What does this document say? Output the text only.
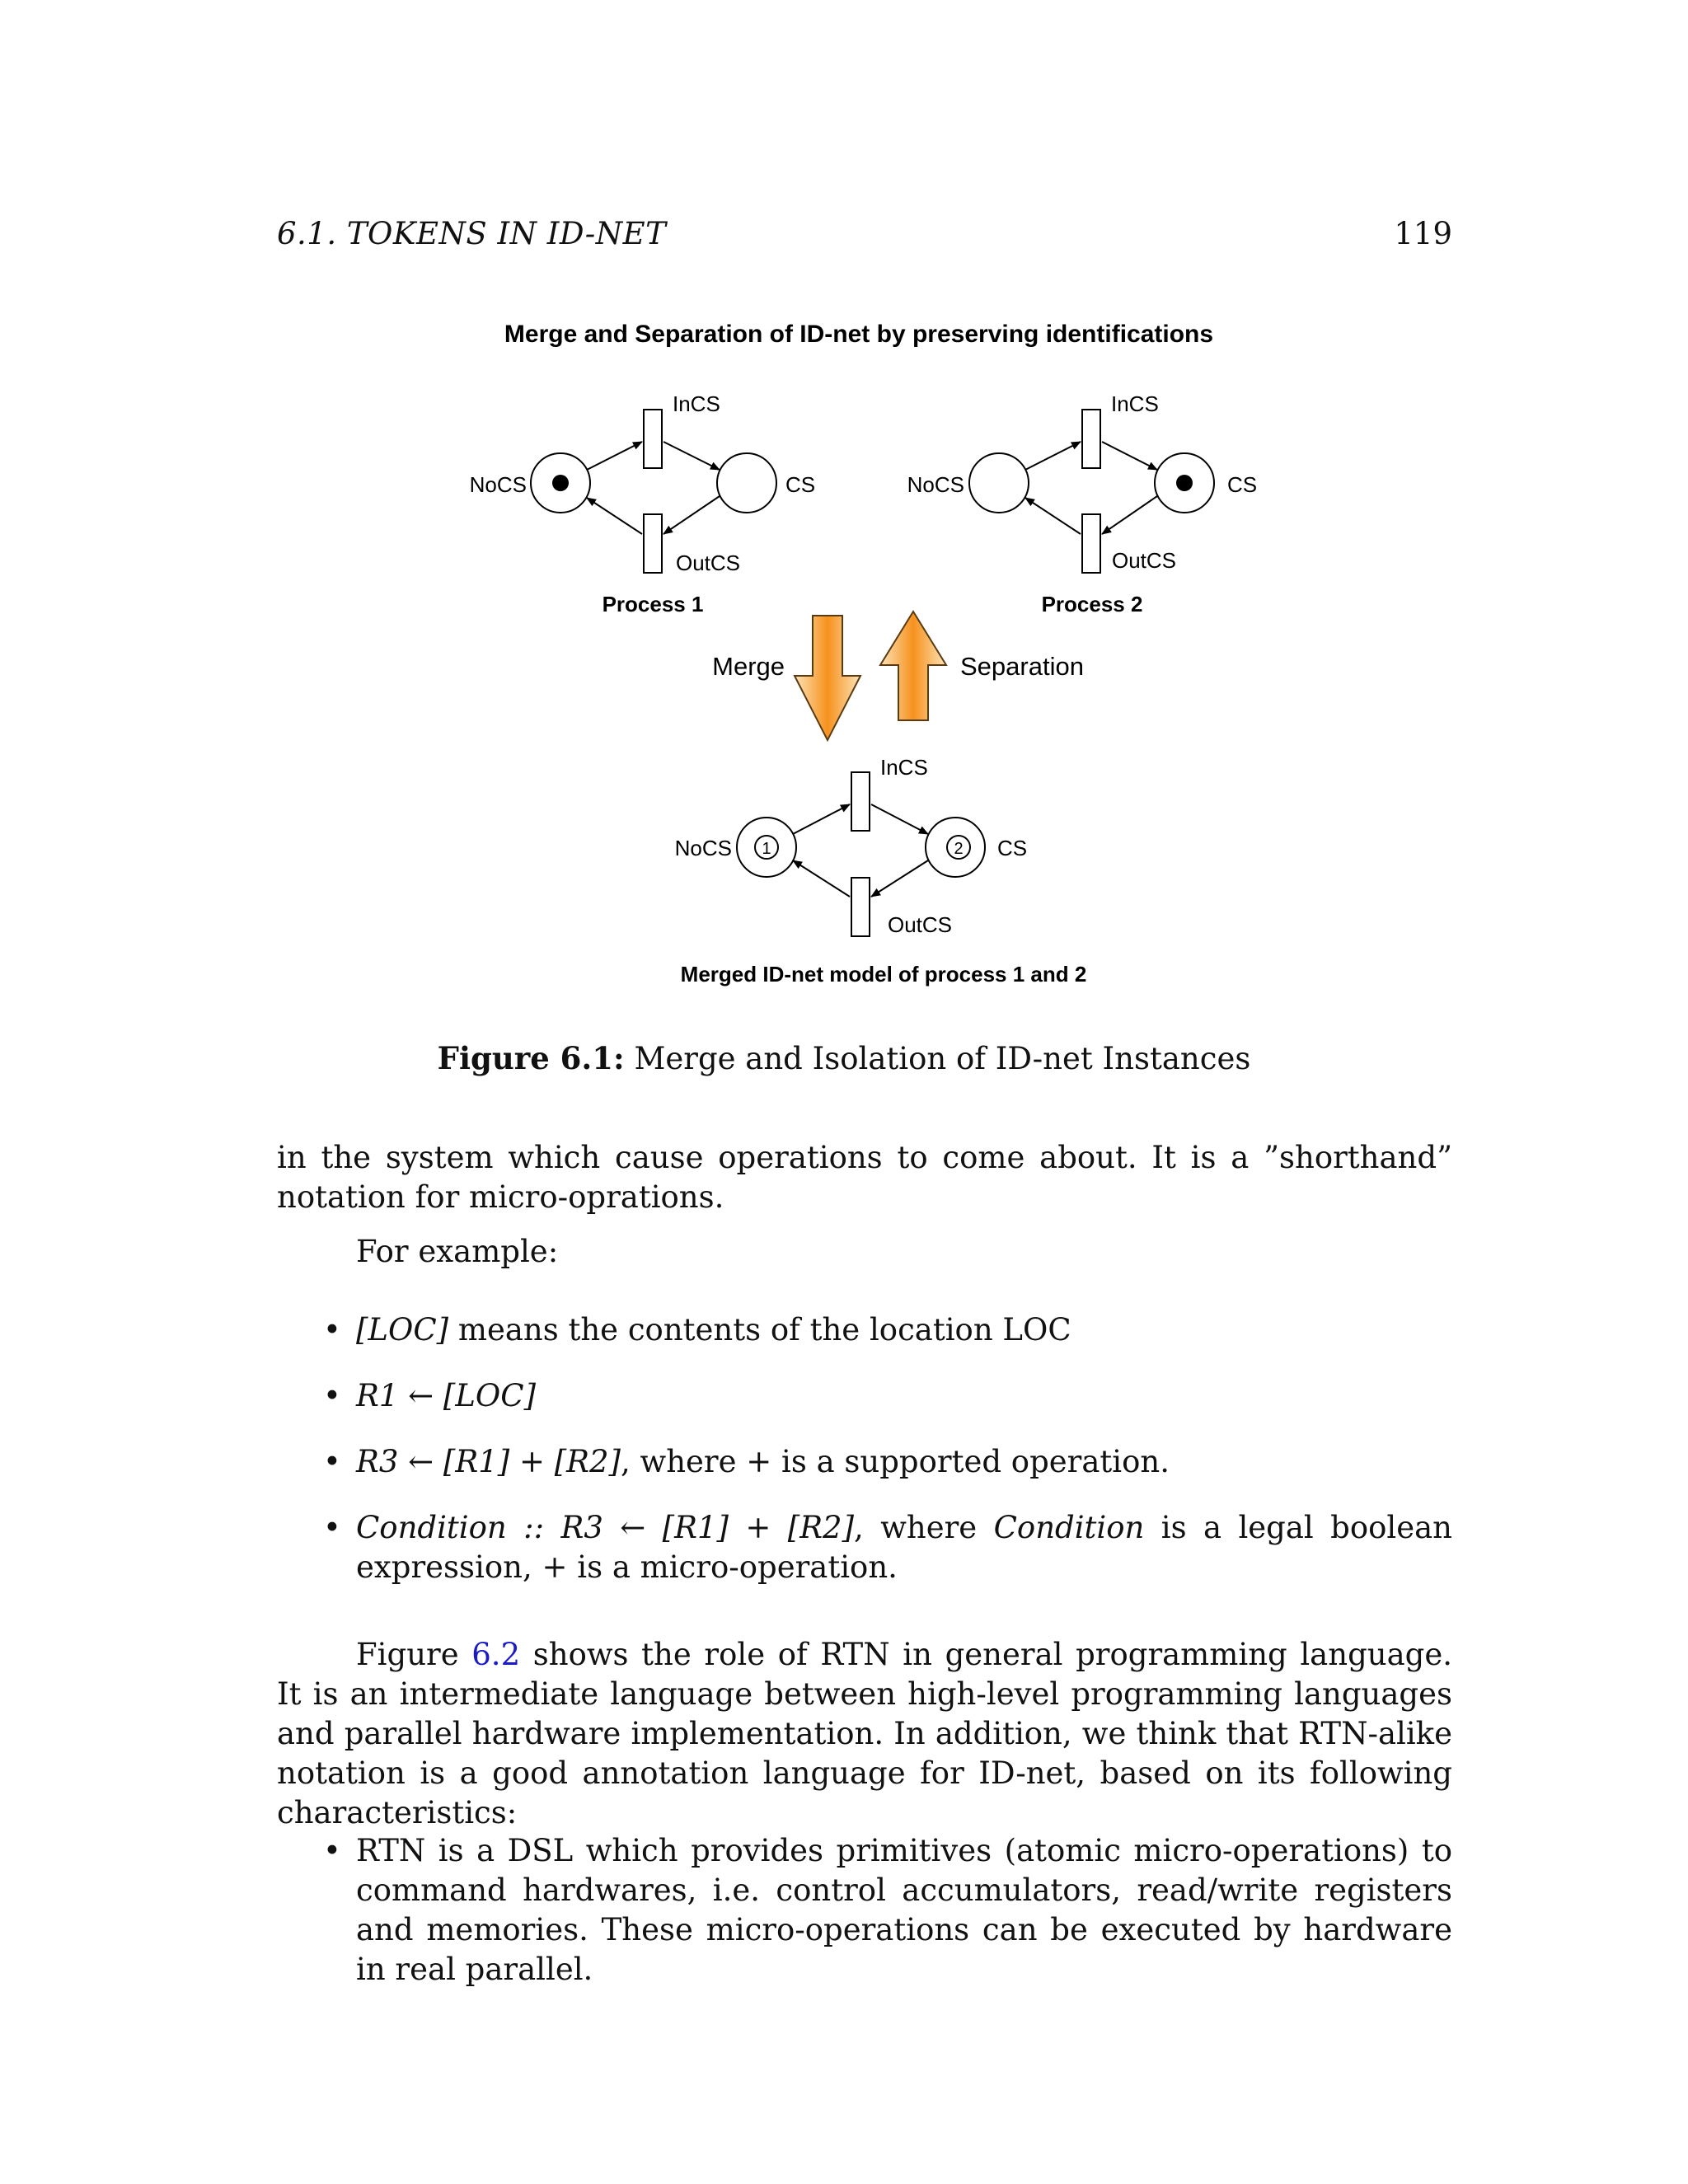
6.1. TOKENS IN ID-NET	119
Merge and Separation of ID-net by preserving identifications
NoCS	CS
InCS
OutCS
Process 1
NoCS	CS
InCS
OutCS
Process 2
Merge	Separation
1	2
NoCS	CS
InCS
OutCS
Merged ID-net model of process 1 and 2
Figure 6.1: Merge and Isolation of ID-net Instances
in the system which cause operations to come about. It is a ”shorthand” notation for micro-oprations.
For example:
• [LOC] means the contents of the location LOC
• R1 ← [LOC]
• R3 ← [R1] + [R2], where + is a supported operation.
• Condition :: R3 ← [R1] + [R2], where Condition is a legal boolean expression, + is a micro-operation.
Figure 6.2 shows the role of RTN in general programming language. It is an intermediate language between high-level programming languages and parallel hardware implementation. In addition, we think that RTN-alike notation is a good annotation language for ID-net, based on its following characteristics:
• RTN is a DSL which provides primitives (atomic micro-operations) to command hardwares, i.e. control accumulators, read/write registers and memories. These micro-operations can be executed by hardware in real parallel.
